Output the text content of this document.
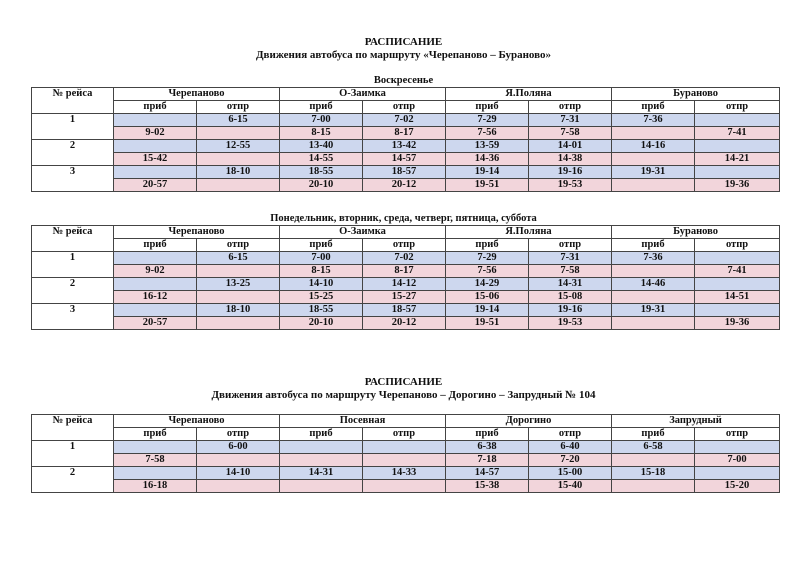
РАСПИСАНИЕ
Движения автобуса по маршруту «Черепаново – Бураново»
Воскресенье
№ рейса	Черепаново		О-Заимка		Я.Поляна		Бураново	
	приб	отпр	приб	отпр	приб	отпр	приб	отпр
1		6-15	7-00	7-02	7-29	7-31	7-36	
	9-02		8-15	8-17	7-56	7-58		7-41
2		12-55	13-40	13-42	13-59	14-01	14-16	
	15-42		14-55	14-57	14-36	14-38		14-21
3		18-10	18-55	18-57	19-14	19-16	19-31	
	20-57		20-10	20-12	19-51	19-53		19-36
Понедельник, вторник, среда, четверг, пятница, суббота
№ рейса	Черепаново		О-Заимка		Я.Поляна		Бураново	
	приб	отпр	приб	отпр	приб	отпр	приб	отпр
1		6-15	7-00	7-02	7-29	7-31	7-36	
	9-02		8-15	8-17	7-56	7-58		7-41
2		13-25	14-10	14-12	14-29	14-31	14-46	
	16-12		15-25	15-27	15-06	15-08		14-51
3		18-10	18-55	18-57	19-14	19-16	19-31	
	20-57		20-10	20-12	19-51	19-53		19-36
РАСПИСАНИЕ
Движения автобуса по маршруту Черепаново – Дорогино – Запрудный № 104
№ рейса	Черепаново		Посевная		Дорогино		Запрудный	
	приб	отпр	приб	отпр	приб	отпр	приб	отпр
1		6-00			6-38	6-40	6-58	
	7-58				7-18	7-20		7-00
2		14-10	14-31	14-33	14-57	15-00	15-18	
	16-18				15-38	15-40		15-20
